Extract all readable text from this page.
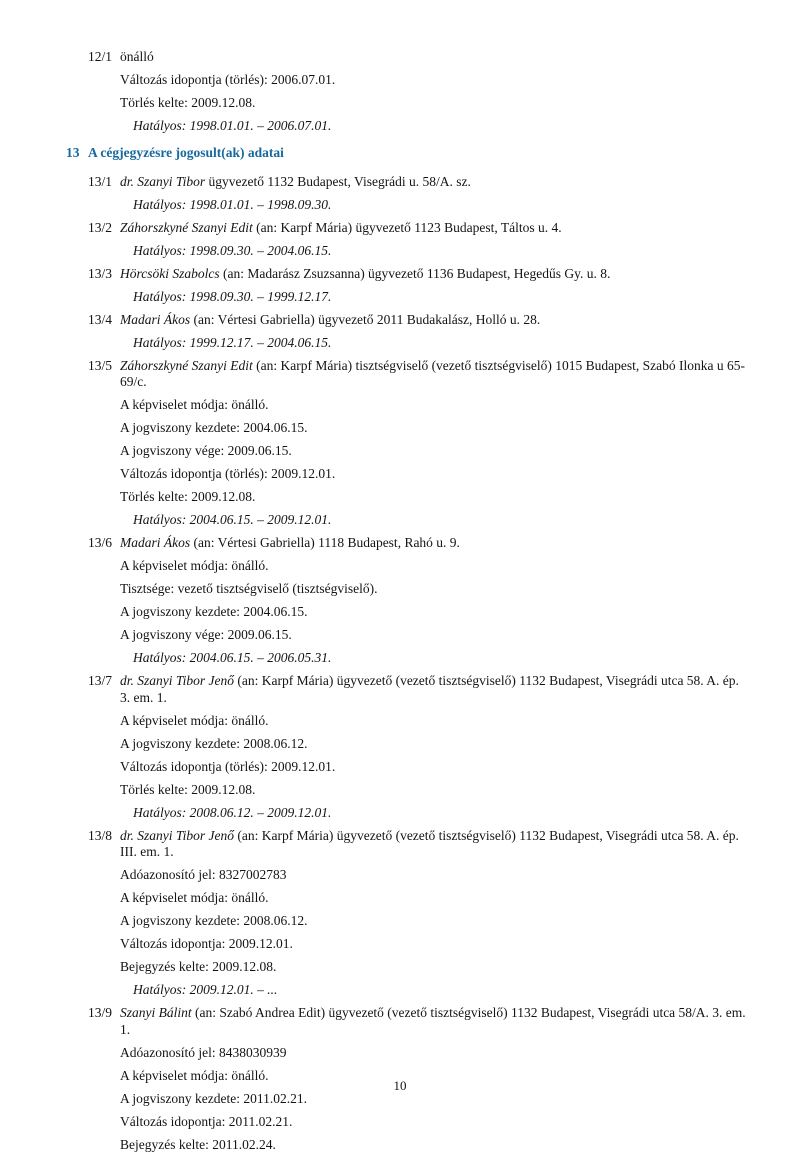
12/1 önálló
Változás idopontja (törlés): 2006.07.01.
Törlés kelte: 2009.12.08.
Hatályos: 1998.01.01. – 2006.07.01.
13 A cégjegyzésre jogosult(ak) adatai
13/1 dr. Szanyi Tibor ügyvezető 1132 Budapest, Visegrádi u. 58/A. sz.
Hatályos: 1998.01.01. – 1998.09.30.
13/2 Záhorszkyné Szanyi Edit (an: Karpf Mária) ügyvezető 1123 Budapest, Táltos u. 4.
Hatályos: 1998.09.30. – 2004.06.15.
13/3 Hörcsöki Szabolcs (an: Madarász Zsuzsanna) ügyvezető 1136 Budapest, Hegedűs Gy. u. 8.
Hatályos: 1998.09.30. – 1999.12.17.
13/4 Madari Ákos (an: Vértesi Gabriella) ügyvezető 2011 Budakalász, Holló u. 28.
Hatályos: 1999.12.17. – 2004.06.15.
13/5 Záhorszkyné Szanyi Edit (an: Karpf Mária) tisztségviselő (vezető tisztségviselő) 1015 Budapest, Szabó Ilonka u 65-69/c.
A képviselet módja: önálló.
A jogviszony kezdete: 2004.06.15.
A jogviszony vége: 2009.06.15.
Változás idopontja (törlés): 2009.12.01.
Törlés kelte: 2009.12.08.
Hatályos: 2004.06.15. – 2009.12.01.
13/6 Madari Ákos (an: Vértesi Gabriella) 1118 Budapest, Rahó u. 9.
A képviselet módja: önálló.
Tisztsége: vezető tisztségviselő (tisztségviselő).
A jogviszony kezdete: 2004.06.15.
A jogviszony vége: 2009.06.15.
Hatályos: 2004.06.15. – 2006.05.31.
13/7 dr. Szanyi Tibor Jenő (an: Karpf Mária) ügyvezető (vezető tisztségviselő) 1132 Budapest, Visegrádi utca 58. A. ép. 3. em. 1.
A képviselet módja: önálló.
A jogviszony kezdete: 2008.06.12.
Változás idopontja (törlés): 2009.12.01.
Törlés kelte: 2009.12.08.
Hatályos: 2008.06.12. – 2009.12.01.
13/8 dr. Szanyi Tibor Jenő (an: Karpf Mária) ügyvezető (vezető tisztségviselő) 1132 Budapest, Visegrádi utca 58. A. ép. III. em. 1.
Adóazonosító jel: 8327002783
A képviselet módja: önálló.
A jogviszony kezdete: 2008.06.12.
Változás idopontja: 2009.12.01.
Bejegyzés kelte: 2009.12.08.
Hatályos: 2009.12.01. – ...
13/9 Szanyi Bálint (an: Szabó Andrea Edit) ügyvezető (vezető tisztségviselő) 1132 Budapest, Visegrádi utca 58/A. 3. em. 1.
Adóazonosító jel: 8438030939
A képviselet módja: önálló.
A jogviszony kezdete: 2011.02.21.
Változás idopontja: 2011.02.21.
Bejegyzés kelte: 2011.02.24.
10
